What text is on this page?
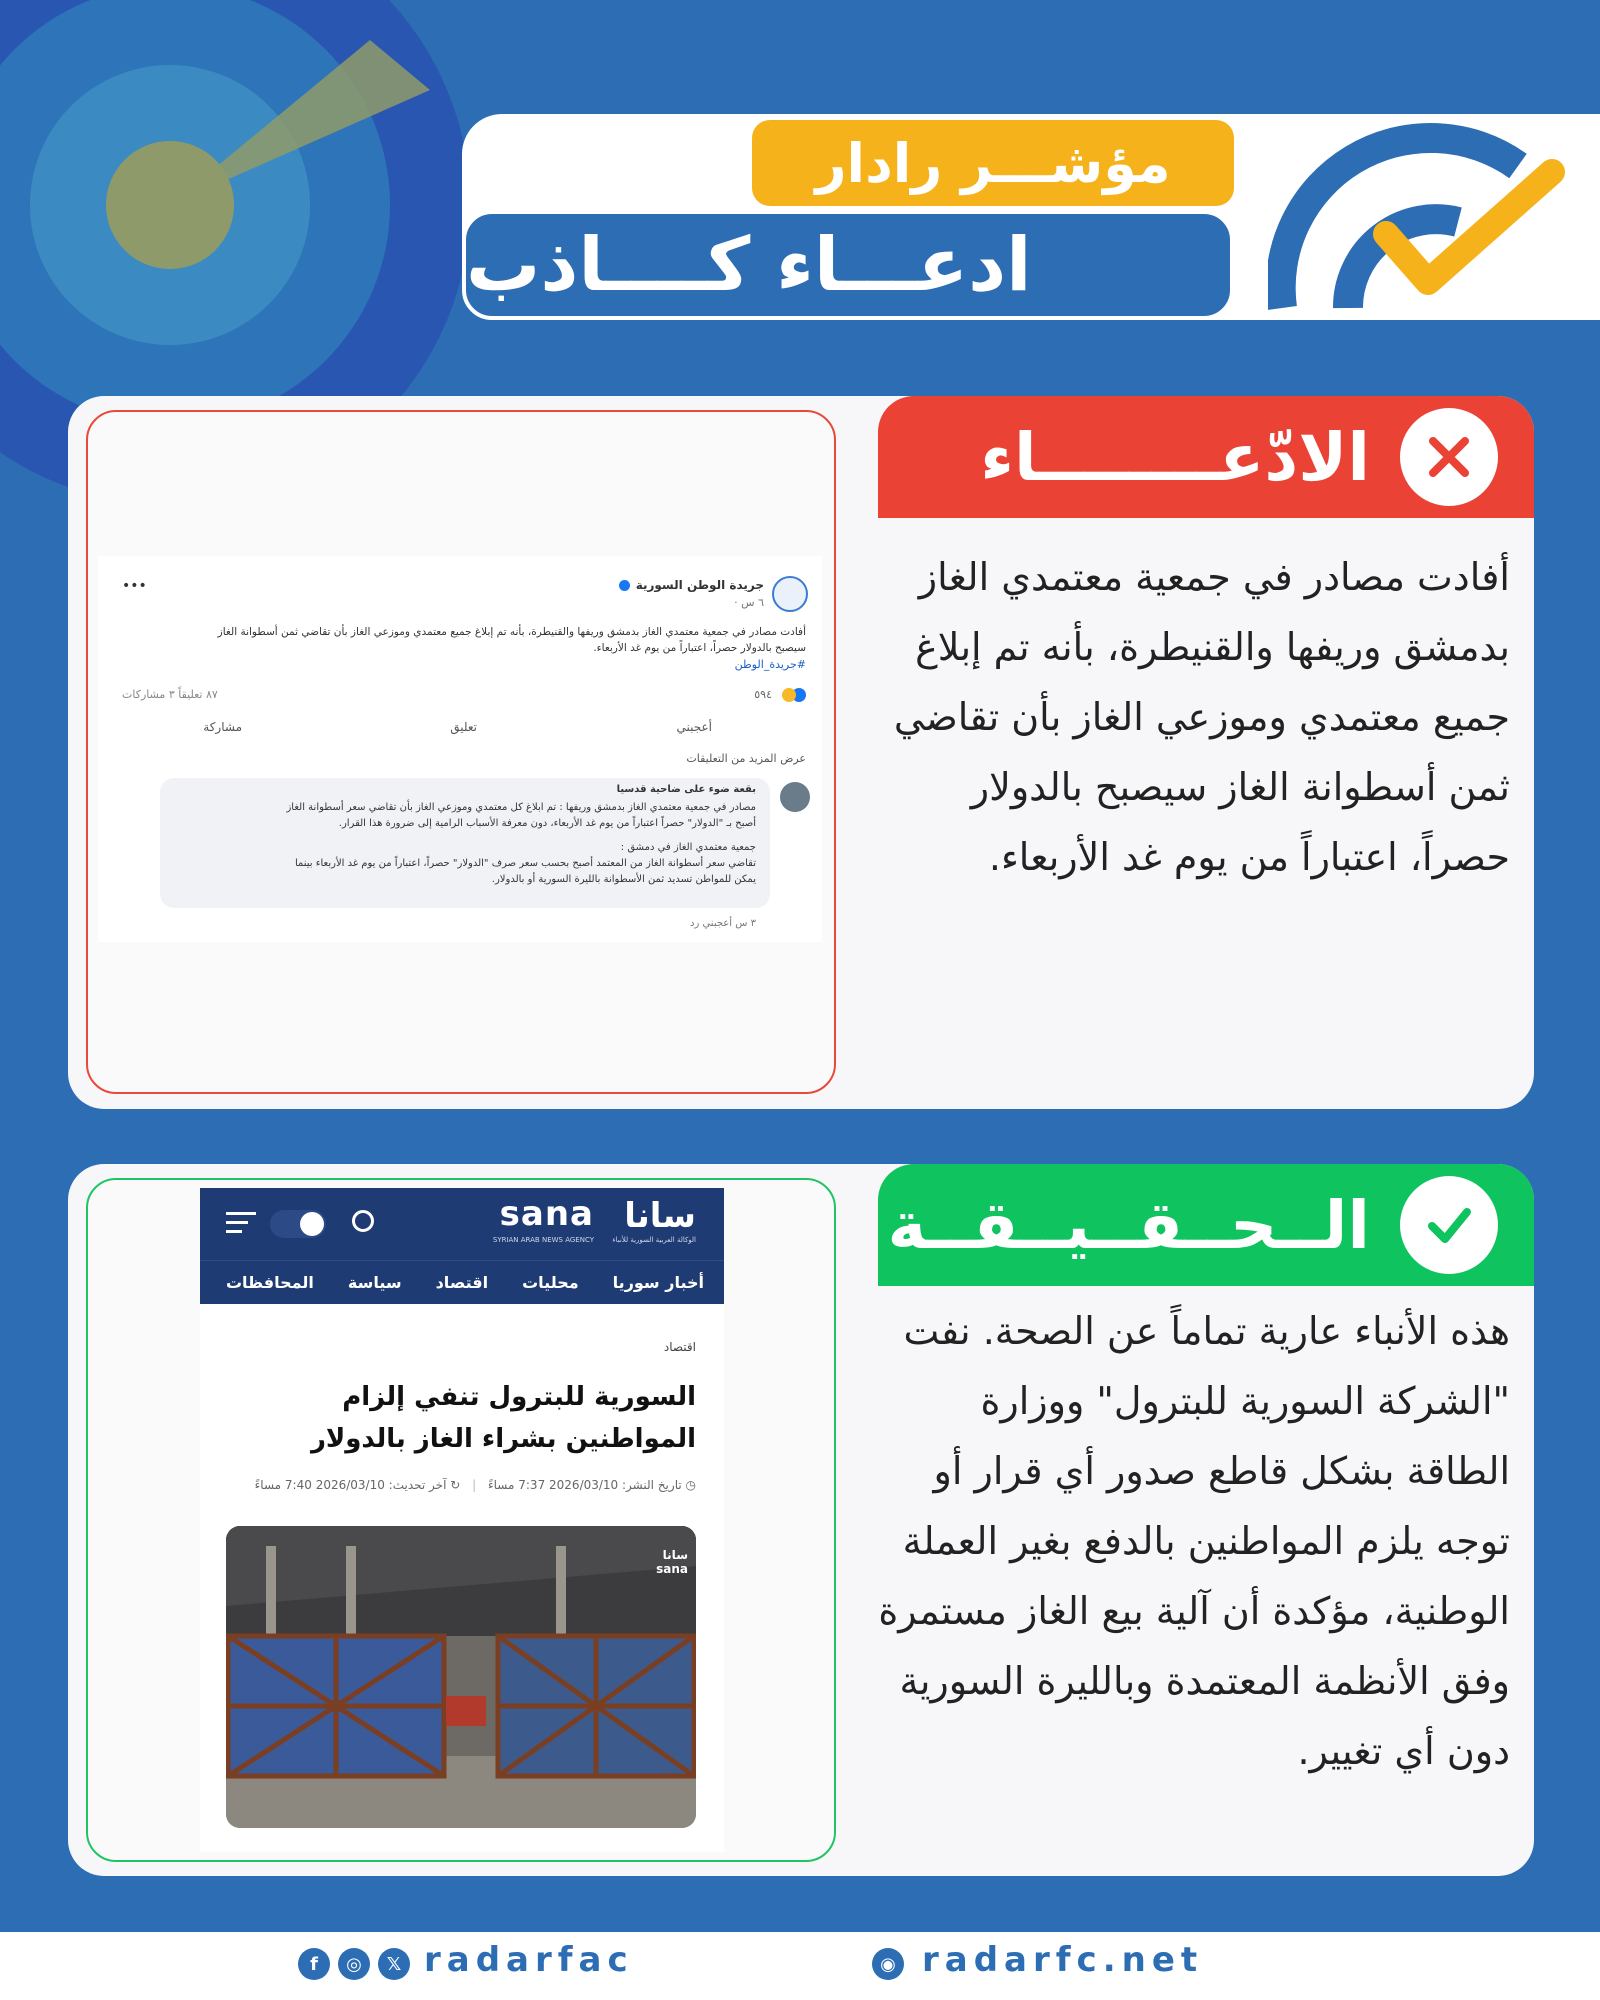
مؤشـــر رادار
ادعـــاء كــــاذب
جريدة الوطن السورية
٦ س ·
•••
أفادت مصادر في جمعية معتمدي الغاز بدمشق وريفها والقنيطرة، بأنه تم إبلاغ جميع معتمدي وموزعي الغاز بأن تقاضي ثمن أسطوانة الغاز
سيصبح بالدولار حصراً، اعتباراً من يوم غد الأربعاء.
#جريدة_الوطن
٥٩٤
٨٧ تعليقاً ٣ مشاركات
أعجبني
تعليق
مشاركة
عرض المزيد من التعليقات
بقعة ضوء على ضاحية قدسيا
مصادر في جمعية معتمدي الغاز بدمشق وريفها : تم ابلاغ كل معتمدي وموزعي الغاز بأن تقاضي سعر أسطوانة الغاز
أصبح بـ "الدولار" حصراً اعتباراً من يوم غد الأربعاء، دون معرفة الأسباب الرامية إلى ضرورة هذا القرار.
جمعية معتمدي الغاز في دمشق :
تقاضي سعر أسطوانة الغاز من المعتمد أصبح بحسب سعر صرف "الدولار" حصراً، اعتباراً من يوم غد الأربعاء بينما
يمكن للمواطن تسديد ثمن الأسطوانة بالليرة السورية أو بالدولار.
٣ س أعجبني رد
الادّعــــــــاء
أفادت مصادر في جمعية معتمدي الغاز بدمشق وريفها والقنيطرة، بأنه تم إبلاغ جميع معتمدي وموزعي الغاز بأن تقاضي ثمن أسطوانة الغاز سيصبح بالدولار حصراً، اعتباراً من يوم غد الأربعاء.
سانا
sana
SYRIAN ARAB NEWS AGENCY	الوكالة العربية السورية للأنباء
أخبار سوريا
محليات
اقتصاد
سياسة
المحافظات
اقتصاد
السورية للبترول تنفي إلزام المواطنين بشراء الغاز بالدولار
◷ تاريخ النشر: 2026/03/10 7:37 مساءً | ↻ آخر تحديث: 2026/03/10 7:40 مساءً
سانا sana
الــحــقــيــقــة
هذه الأنباء عارية تماماً عن الصحة. نفت "الشركة السورية للبترول" ووزارة الطاقة بشكل قاطع صدور أي قرار أو توجه يلزم المواطنين بالدفع بغير العملة الوطنية، مؤكدة أن آلية بيع الغاز مستمرة وفق الأنظمة المعتمدة وبالليرة السورية دون أي تغيير.
f	◎	𝕏 radarfac	◉ radarfc.net
